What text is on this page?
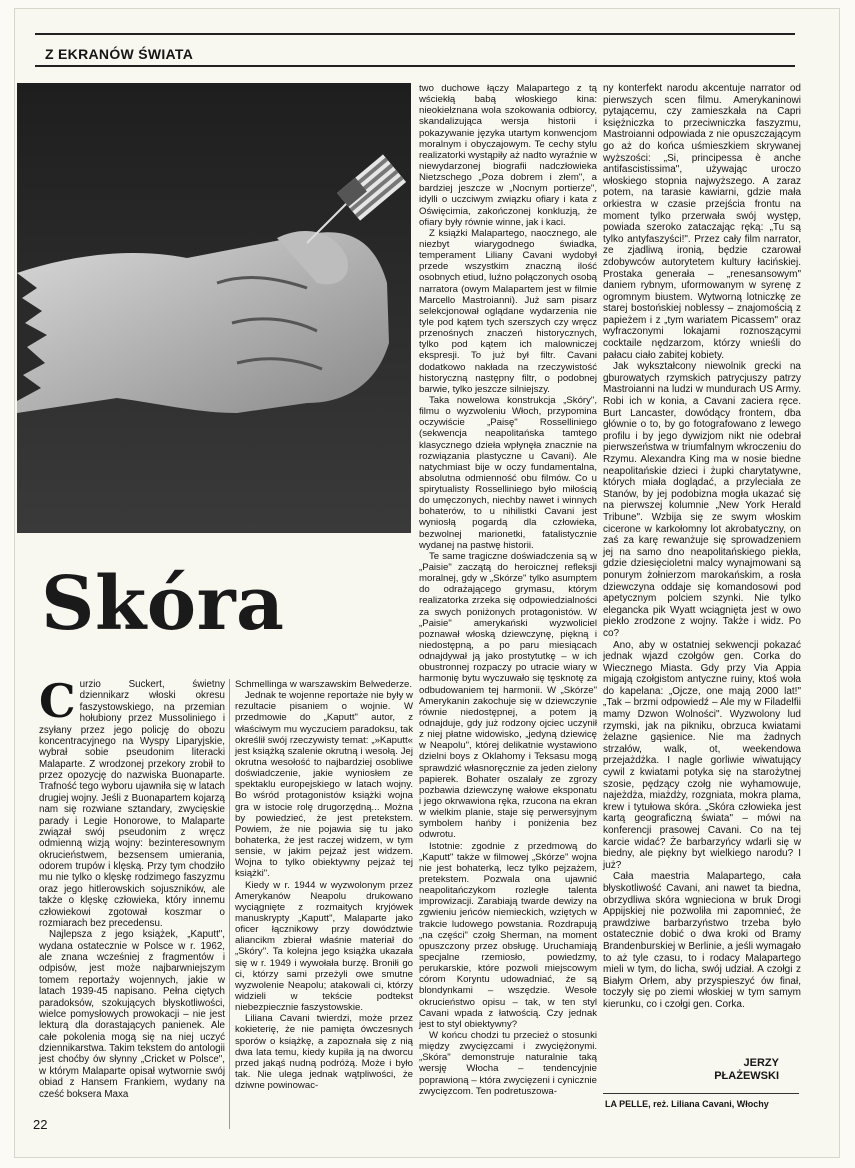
Z EKRANÓW ŚWIATA

Skóra

Curzio Suckert, świetny dziennikarz włoski okresu faszystowskiego, na przemian hołubiony przez Mussoliniego i zsyłany przez jego policję do obozu koncentracyjnego na Wyspy Liparyjskie, wybrał sobie pseudonim literacki Malaparte. Z wrodzonej przekory zrobił to przez opozycję do nazwiska Buonaparte. Trafność tego wyboru ujawniła się w latach drugiej wojny. Jeśli z Buonapartem kojarzą nam się rozwiane sztandary, zwycięskie parady i Legie Honorowe, to Malaparte związał swój pseudonim z wręcz odmienną wizją wojny: bezinteresownym okrucieństwem, bezsensem umierania, odorem trupów i klęską. Przy tym chodziło mu nie tylko o klęskę rodzimego faszyzmu oraz jego hitlerowskich sojuszników, ale także o klęskę człowieka, który innemu człowiekowi zgotował koszmar o rozmiarach bez precedensu.

Najlepsza z jego książek, „Kaputt", wydana ostatecznie w Polsce w r. 1962, ale znana wcześniej z fragmentów i odpisów, jest może najbarwniejszym tomem reportaży wojennych, jakie w latach 1939-45 napisano. Pełna ciętych paradoksów, szokujących błyskotliwości, wielce pomysłowych prowokacji – nie jest lekturą dla dorastających panienek. Ale całe pokolenia mogą się na niej uczyć dziennikarstwa. Takim tekstem do antologii jest choćby ów słynny „Cricket w Polsce", w którym Malaparte opisał wytwornie swój obiad z Hansem Frankiem, wydany na cześć boksera Maxa

Schmellinga w warszawskim Belwederze.

Jednak te wojenne reportaże nie były w rezultacie pisaniem o wojnie. W przedmowie do „Kaputt" autor, z właściwym mu wyczuciem paradoksu, tak określił swój rzeczywisty temat: „»Kaputt« jest książką szalenie okrutną i wesołą. Jej okrutna wesołość to najbardziej osobliwe doświadczenie, jakie wyniosłem ze spektaklu europejskiego w latach wojny. Bo wśród protagonistów książki wojna gra w istocie rolę drugorzędną... Można by powiedzieć, że jest pretekstem. Powiem, że nie pojawia się tu jako bohaterka, że jest raczej widzem, w tym sensie, w jakim pejzaż jest widzem. Wojna to tylko obiektywny pejzaż tej książki".

Kiedy w r. 1944 w wyzwolonym przez Amerykanów Neapolu drukowano wyciągnięte z rozmaitych kryjówek manuskrypty „Kaputt", Malaparte jako oficer łącznikowy przy dowództwie aliancikm zbierał właśnie materiał do „Skóry". Ta kolejna jego książka ukazała się w r. 1949 i wywołała burzę. Broniłi go ci, którzy sami przeżyli owe smutne wyzwolenie Neapolu; atakowali ci, którzy widzieli w tekście podtekst niebezpiecznie faszystowskie.

Liliana Cavani twierdzi, może przez kokieterię, że nie pamięta ówczesnych sporów o książkę, a zapoznała się z nią dwa lata temu, kiedy kupiła ją na dworcu przed jakąś nudną podróżą. Może i było tak. Nie ulega jednak wątpliwości, że dziwne powinowac-

two duchowe łączy Malapartego z tą wściekłą babą włoskiego kina: nieokiełznana wola szokowania odbiorcy, skandalizująca wersja historii i pokazywanie języka utartym konwencjom moralnym i obyczajowym. Te cechy stylu realizatorki wystąpiły aż nadto wyraźnie w niewydarzonej biografii nadczłowieka Nietzschego „Poza dobrem i złem", a bardziej jeszcze w „Nocnym portierze", idylli o uczciwym związku ofiary i kata z Oświęcimia, zakończonej konkluzją, że ofiary były równie winne, jak i kaci.

Z książki Malapartego, naocznego, ale niezbyt wiarygodnego świadka, temperament Liliany Cavani wydobył przede wszystkim znaczną ilość osobnych etiud, luźno połączonych osobą narratora (owym Malapartem jest w filmie Marcello Mastroianni). Już sam pisarz selekcjonował oglądane wydarzenia nie tyle pod kątem tych szerszych czy wręcz przenośnych znaczeń historycznych, tylko pod kątem ich malowniczej ekspresji. To już był filtr. Cavani dodatkowo nakłada na rzeczywistość historyczną następny filtr, o podobnej barwie, tylko jeszcze silniejszy.

Taka nowelowa konstrukcja „Skóry", filmu o wyzwoleniu Włoch, przypomina oczywiście „Paisę" Rosselliniego (sekwencja neapolitańska tamtego klasycznego dzieła wpłynęła znacznie na rozwiązania plastyczne u Cavani). Ale natychmiast bije w oczy fundamentalna, absolutna odmienność obu filmów. Co u spirytualisty Rosselliniego było miłością do umęczonych, niechby nawet i winnych bohaterów, to u nihilistki Cavani jest wyniosłą pogardą dla człowieka, bezwolnej marionetki, fatalistycznie wydanej na pastwę historii.

Te same tragiczne doświadczenia są w „Paisie" zaczątą do heroicznej refleksji moralnej, gdy w „Skórze" tylko asumptem do odrażającego grymasu, którym realizatorka zrzeka się odpowiedzialności za swych poniżonych protagonistów. W „Paisie" amerykański wyzwoliciel poznawał włoską dziewczynę, piękną i niedostępną, a po paru miesiącach odnajdywał ją jako prostytutkę – w ich obustronnej rozpaczy po utracie wiary w harmonię bytu wyczuwało się tęsknotę za odbudowaniem tej harmonii. W „Skórze" Amerykanin zakochuje się w dziewczynie równie niedostępnej, a potem ją odnajduje, gdy już rodzony ojciec uczynił z niej płatne widowisko, „jedyną dziewicę w Neapolu", której delikatnie wystawiono dzielni boys z Oklahomy i Teksasu mogą sprawdzić własnoręcznie za jeden zielony papierek. Bohater oszalały ze zgrozy pozbawia dziewczynę wałowe eksponatu i jego okrwawiona ręka, rzucona na ekran w wielkim planie, staje się perwersyjnym symbolem hańby i poniżenia bez odwrotu.

Istotnie: zgodnie z przedmową do „Kaputt" także w filmowej „Skórze" wojna nie jest bohaterką, lecz tylko pejzażem, pretekstem. Pozwala ona ujawnić neapolitańczykom rozległe talenta improwizacji. Zarabiają twarde dewizy na zgwieniu jeńców niemieckich, wziętych w trakcie ludowego powstania. Rozdrapują „na części" czołg Sherman, na moment opuszczony przez obsługę. Uruchamiają specjalne rzemiosło, powiedzmy, perukarskie, które pozwoli miejscowym córom Koryntu udowadniać, że są blondynkami – wszędzie. Wesołe okrucieństwo opisu – tak, w ten styl Cavani wpada z łatwością. Czy jednak jest to styl obiektywny?

W końcu chodzi tu przecież o stosunki między zwycięzcami i zwyciężonymi. „Skóra" demonstruje naturalnie taką wersję Włocha – tendencyjnie poprawioną – która zwycięzeni i cynicznie zwycięzcom. Ten podretuszowa-

ny konterfekt narodu akcentuje narrator od pierwszych scen filmu. Amerykaninowi pytającemu, czy zamieszkała na Capri księżniczka to przeciwniczka faszyzmu, Mastroianni odpowiada z nie opuszczającym go aż do końca uśmieszkiem skrywanej wyższości: „Si, principessa è anche antifascistissima", używając uroczo włoskiego stopnia najwyższego. A zaraz potem, na tarasie kawiarni, gdzie mała orkiestra w czasie przejścia frontu na moment tylko przerwała swój występ, powiada szeroko zataczając ręką: „Tu są tylko antyfaszyści!". Przez cały film narrator, ze zjadliwą ironią, będzie czarował zdobywców autorytetem kultury łacińskiej. Prostaka generała – „renesansowym" daniem rybnym, uformowanym w syrenę z ogromnym biustem. Wytworną lotniczkę ze starej bostońskiej noblessy – znajomością z papieżem i z „tym wariatem Picassem" oraz wyfraczonymi lokajami roznoszącymi cocktaile nędzarzom, którzy wnieśli do pałacu ciało zabitej kobiety.

Jak wykształcony niewolnik grecki na gburowatych rzymskich patrycjuszy patrzy Mastroianni na ludzi w mundurach US Army. Robi ich w konia, a Cavani zaciera ręce. Burt Lancaster, dowódący frontem, dba głównie o to, by go fotografowano z lewego profilu i by jego dywizjom nikt nie odebrał pierwszeństwa w triumfalnym wkroczeniu do Rzymu. Alexandra King ma w nosie biedne neapolitańskie dzieci i żupki charytatywne, których miała doglądać, a przyleciała ze Stanów, by jej podobizna mogła ukazać się na pierwszej kolumnie „New York Herald Tribune". Wzbija się ze swym włoskim cicerone w karkołomny lot akrobatyczny, on zaś za karę rewanżuje się sprowadzeniem jej na samo dno neapolitańskiego piekła, gdzie dziesięcioletni malcy wynajmowani są ponurym żołnierzom marokańskim, a rosła dziewczyna oddaje się komandosowi pod apetycznym polciem szynki. Nie tylko elegancka pik Wyatt wciągnięta jest w owo piekło zrodzone z wojny. Także i widz. Po co?

Ano, aby w ostatniej sekwencji pokazać jednak wjazd czołgów gen. Corka do Wiecznego Miasta. Gdy przy Via Appia migają czołgistom antyczne ruiny, ktoś woła do kapelana: „Ojcze, one mają 2000 lat!" „Tak – brzmi odpowiedź – Ale my w Filadelfii mamy Dzwon Wolności". Wyzwolony lud rzymski, jak na pikniku, obrzuca kwiatami żelazne gąsienice. Nie ma żadnych strzałów, walk, ot, weekendowa przejażdżka. I nagle gorliwie wiwatujący cywil z kwiatami potyka się na starożytnej szosie, pędzący czołg nie wyhamowuje, najeżdża, miażdży, rozgniata, mokra plama, krew i tytułowa skóra. „Skóra człowieka jest kartą geograficzną świata" – mówi na konferencji prasowej Cavani. Co na tej karcie widać? Że barbarzyńcy wdarli się w biedny, ale piękny byt wielkiego narodu? I już?

Cała maestria Malapartego, cała błyskotliwość Cavani, ani nawet ta biedna, obrzydliwa skóra wgnieciona w bruk Drogi Appijskiej nie pozwoliła mi zapomnieć, że prawdziwe barbarzyństwo trzeba było ostatecznie dobić o dwa kroki od Bramy Brandenburskiej w Berlinie, a jeśli wymagało to aż tyle czasu, to i rodacy Malapartego mieli w tym, do licha, swój udział. A czołgi z Białym Orłem, aby przyspieszyć ów finał, toczyły się po ziemi włoskiej w tym samym kierunku, co i czołgi gen. Corka.

JERZY
PŁAŻEWSKI

LA PELLE, reż. Liliana Cavani, Włochy

22
